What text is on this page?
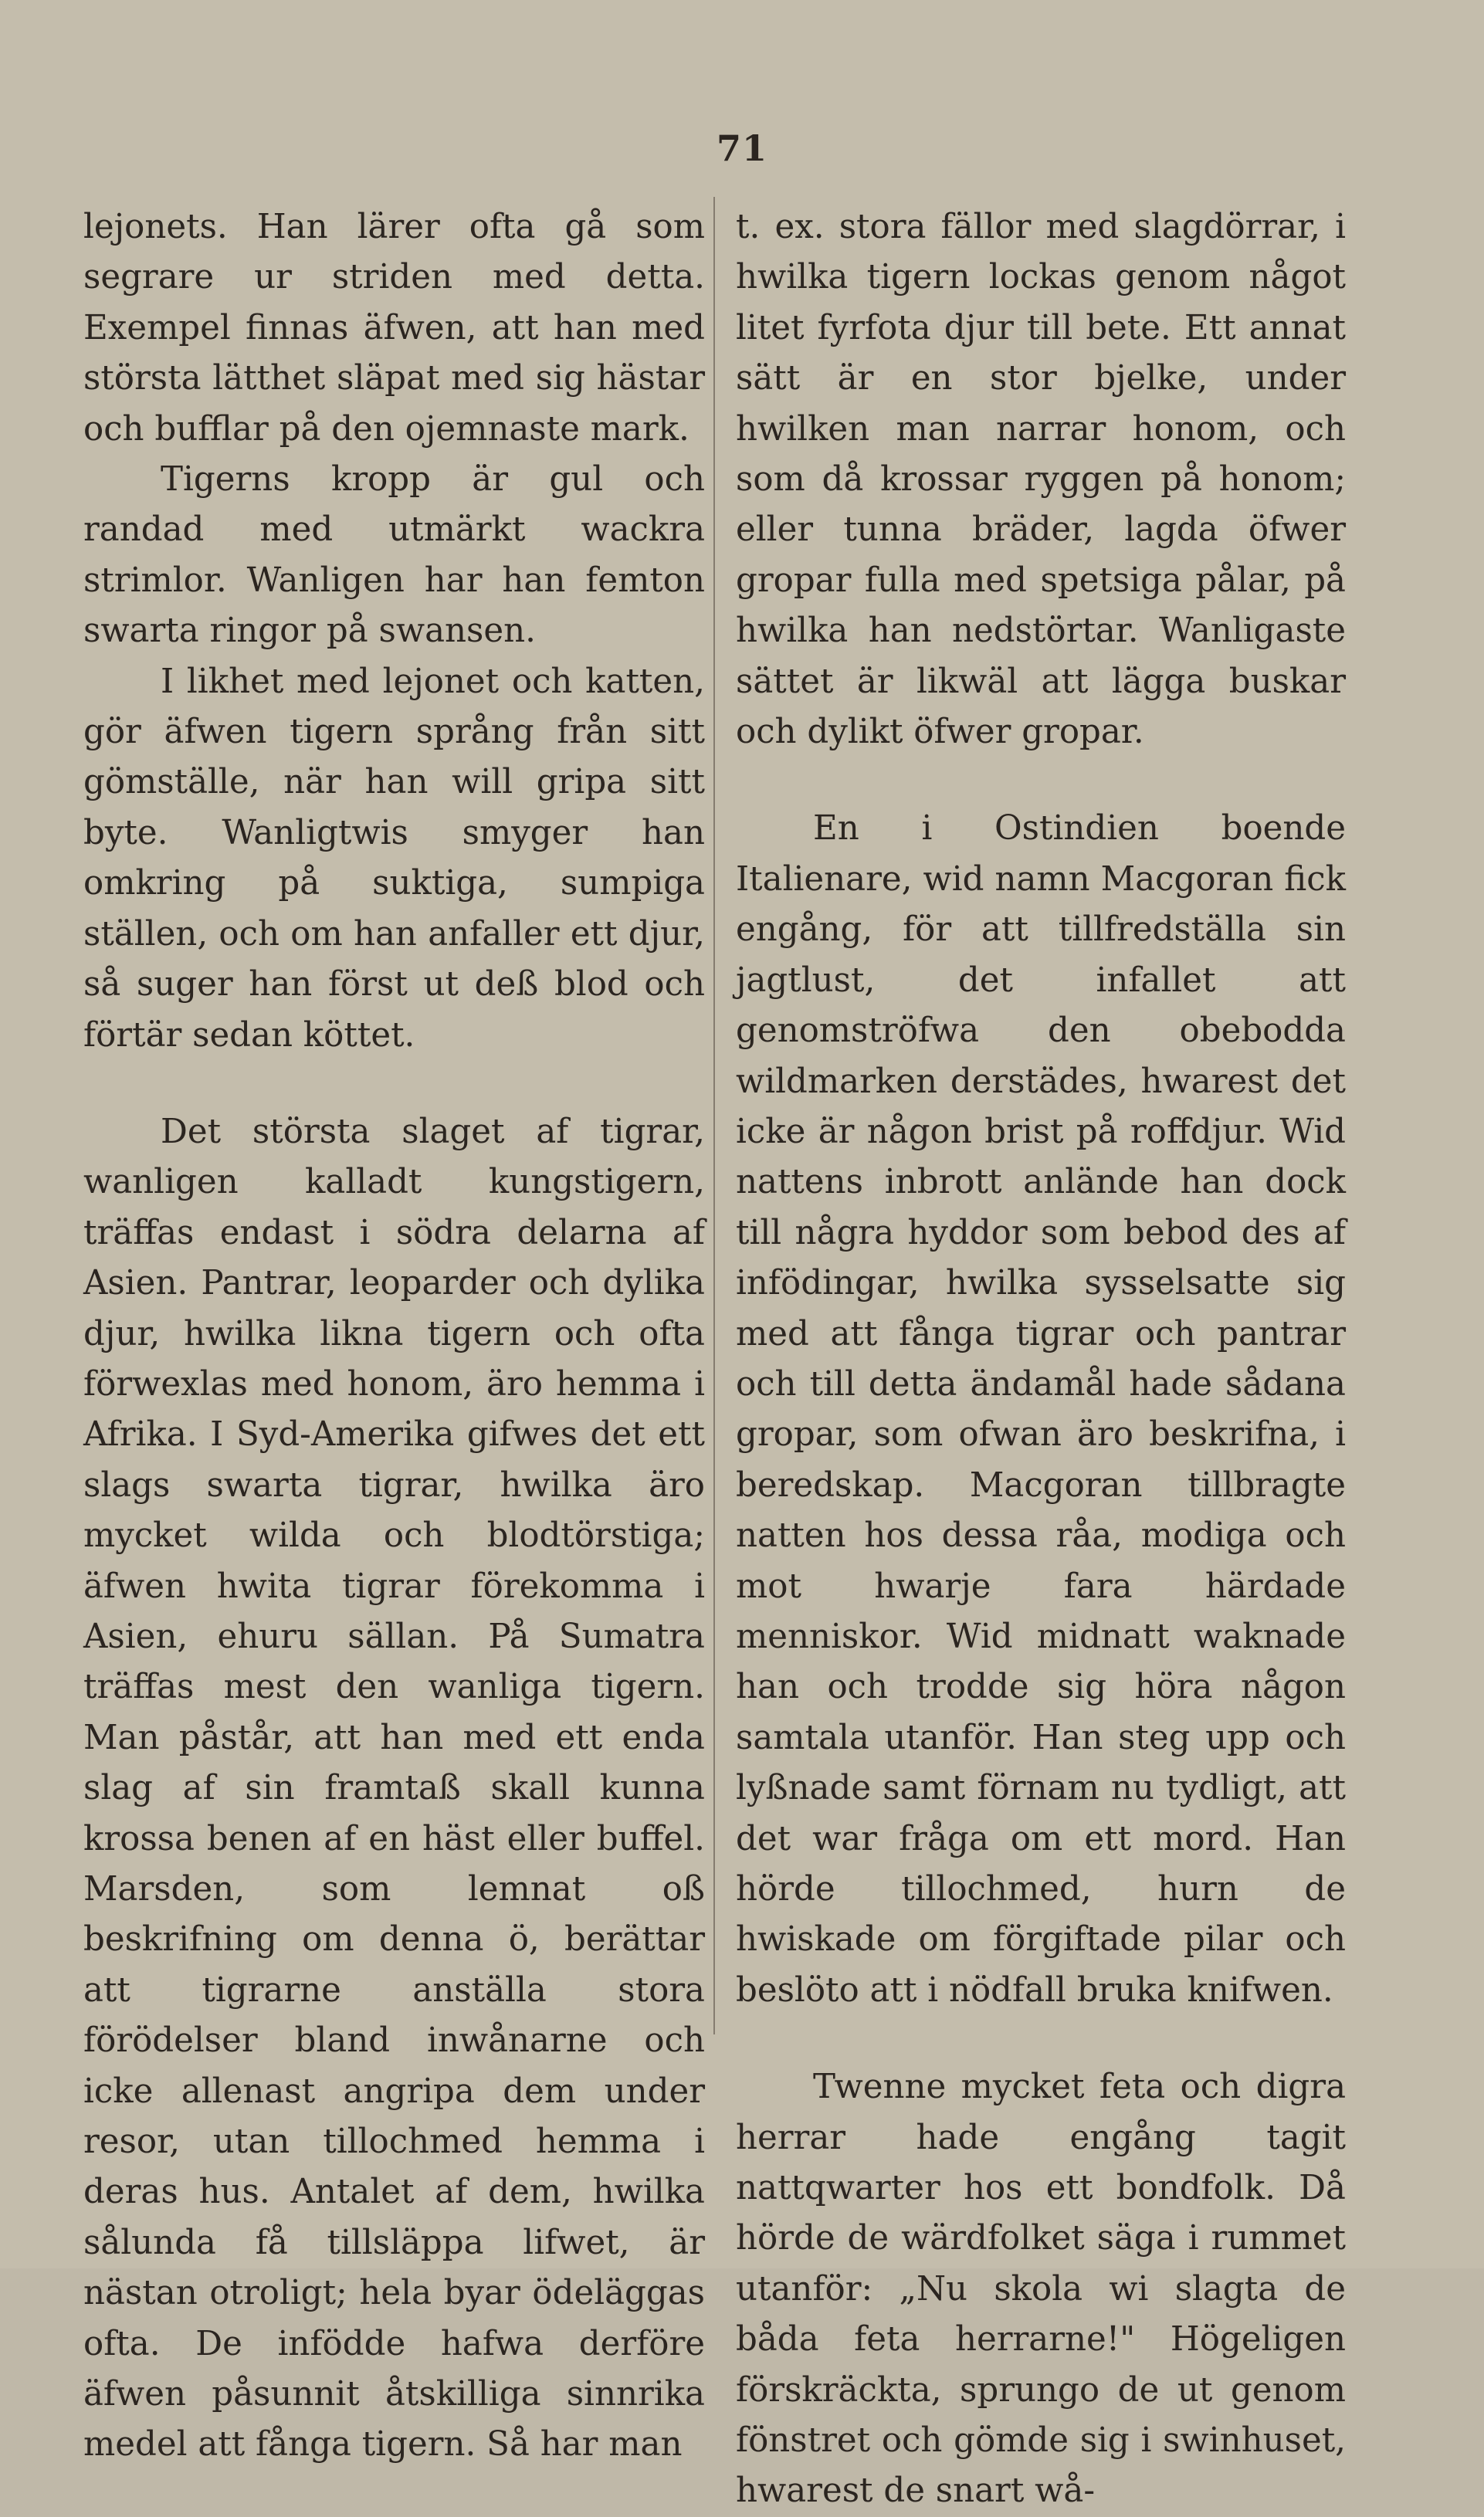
71

lejonets. Han lärer ofta gå som segrare ur striden med detta. Exempel finnas äfwen, att han med största lätthet släpat med sig hästar och bufflar på den ojemnaste mark.

Tigerns kropp är gul och randad med utmärkt wackra strimlor. Wanligen har han femton swarta ringor på swansen.

I likhet med lejonet och katten, gör äfwen tigern språng från sitt gömställe, när han will gripa sitt byte. Wanligtwis smyger han omkring på suktiga, sumpiga ställen, och om han anfaller ett djur, så suger han först ut deß blod och förtär sedan köttet.

Det största slaget af tigrar, wanligen kalladt kungstigern, träffas endast i södra delarna af Asien. Pantrar, leoparder och dylika djur, hwilka likna tigern och ofta förwexlas med honom, äro hemma i Afrika. I Syd-Amerika gifwes det ett slags swarta tigrar, hwilka äro mycket wilda och blodtörstiga; äfwen hwita tigrar förekomma i Asien, ehuru sällan. På Sumatra träffas mest den wanliga tigern. Man påstår, att han med ett enda slag af sin framtaß skall kunna krossa benen af en häst eller buffel. Marsden, som lemnat oß beskrifning om denna ö, berättar att tigrarne anställa stora förödelser bland inwånarne och icke allenast angripa dem under resor, utan tillochmed hemma i deras hus. Antalet af dem, hwilka sålunda få tillsläppa lifwet, är nästan otroligt; hela byar ödeläggas ofta. De infödde hafwa derföre äfwen påsunnit åtskilliga sinnrika medel att fånga tigern. Så har man

t. ex. stora fällor med slagdörrar, i hwilka tigern lockas genom något litet fyrfota djur till bete. Ett annat sätt är en stor bjelke, under hwilken man narrar honom, och som då krossar ryggen på honom; eller tunna bräder, lagda öfwer gropar fulla med spetsiga pålar, på hwilka han nedstörtar. Wanligaste sättet är likwäl att lägga buskar och dylikt öfwer gropar.

En i Ostindien boende Italienare, wid namn Macgoran fick engång, för att tillfredställa sin jagtlust, det infallet att genomströfwa den obebodda wildmarken derstädes, hwarest det icke är någon brist på roffdjur. Wid nattens inbrott anlände han dock till några hyddor som bebod des af infödingar, hwilka sysselsatte sig med att fånga tigrar och pantrar och till detta ändamål hade sådana gropar, som ofwan äro beskrifna, i beredskap. Macgoran tillbragte natten hos dessa råa, modiga och mot hwarje fara härdade menniskor. Wid midnatt waknade han och trodde sig höra någon samtala utanför. Han steg upp och lyßnade samt förnam nu tydligt, att det war fråga om ett mord. Han hörde tillochmed, hurn de hwiskade om förgiftade pilar och beslöto att i nödfall bruka knifwen.

Twenne mycket feta och digra herrar hade engång tagit nattqwarter hos ett bondfolk. Då hörde de wärdfolket säga i rummet utanför: „Nu skola wi slagta de båda feta herrarne!" Högeligen förskräckta, sprungo de ut genom fönstret och gömde sig i swinhuset, hwarest de snart wå-
